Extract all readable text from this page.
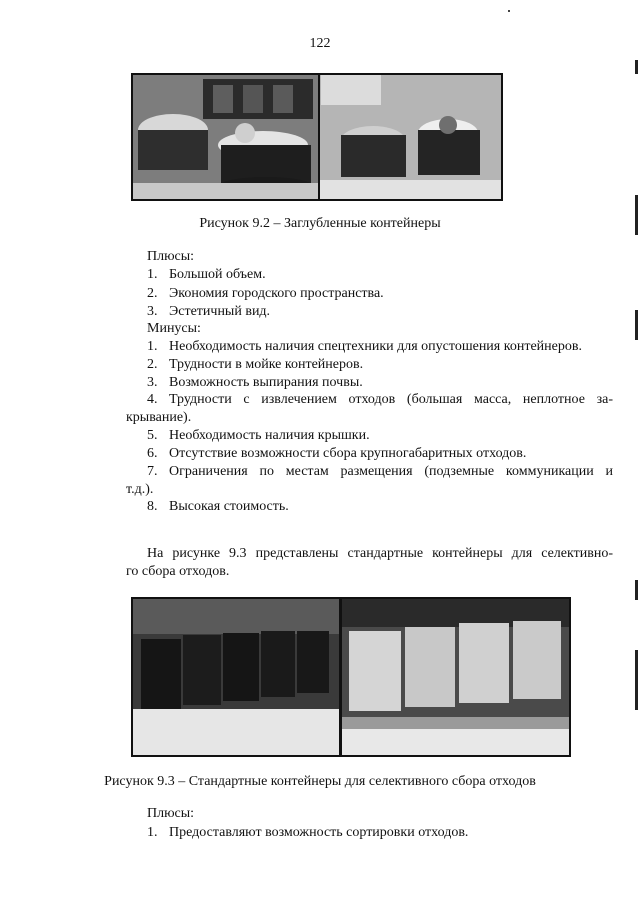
122
Рисунок 9.2 – Заглубленные контейнеры
Плюсы:
1. Большой объем.
2. Экономия городского пространства.
3. Эстетичный вид.
Минусы:
1. Необходимость наличия спецтехники для опустошения контейнеров.
2. Трудности в мойке контейнеров.
3. Возможность выпирания почвы.
4. Трудности с извлечением отходов (большая масса, неплотное за-
крывание).
5. Необходимость наличия крышки.
6. Отсутствие возможности сбора крупногабаритных отходов.
7. Ограничения по местам размещения (подземные коммуникации и
т.д.).
8. Высокая стоимость.
На рисунке 9.3 представлены стандартные контейнеры для селективно-
го сбора отходов.
Рисунок 9.3 – Стандартные контейнеры для селективного сбора отходов
Плюсы:
1. Предоставляют возможность сортировки отходов.
